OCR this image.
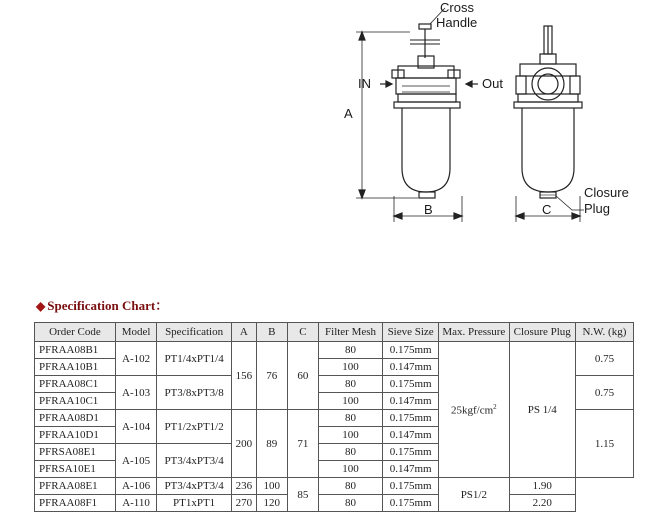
Cross
Handle
IN	Out
A
B	C
Closure
Plug
◆ Specification Chart：
Order Code	Model	Specification	A	B	C	Filter Mesh	Sieve Size	Max. Pressure	Closure Plug	N.W. (kg)
PFRAA08B1	A-102	PT1/4xPT1/4	156	76	60	80	0.175mm	$25kgf/cm^2$	PS 1/4	0.75
PFRAA10B1						100	0.147mm			
PFRAA08C1	A-103	PT3/8xPT3/8				80	0.175mm			0.75
PFRAA10C1						100	0.147mm			
PFRAA08D1	A-104	PT1/2xPT1/2	200	89	71	80	0.175mm			1.15
PFRAA10D1						100	0.147mm			
PFRSA08E1	A-105	PT3/4xPT3/4				80	0.175mm			
PFRSA10E1						100	0.147mm			
PFRAA08E1	A-106	PT3/4xPT3/4	236	100	85	80	0.175mm	PS1/2	1.90	
PFRAA08F1	A-110	PT1xPT1	270	120		80	0.175mm		2.20	
